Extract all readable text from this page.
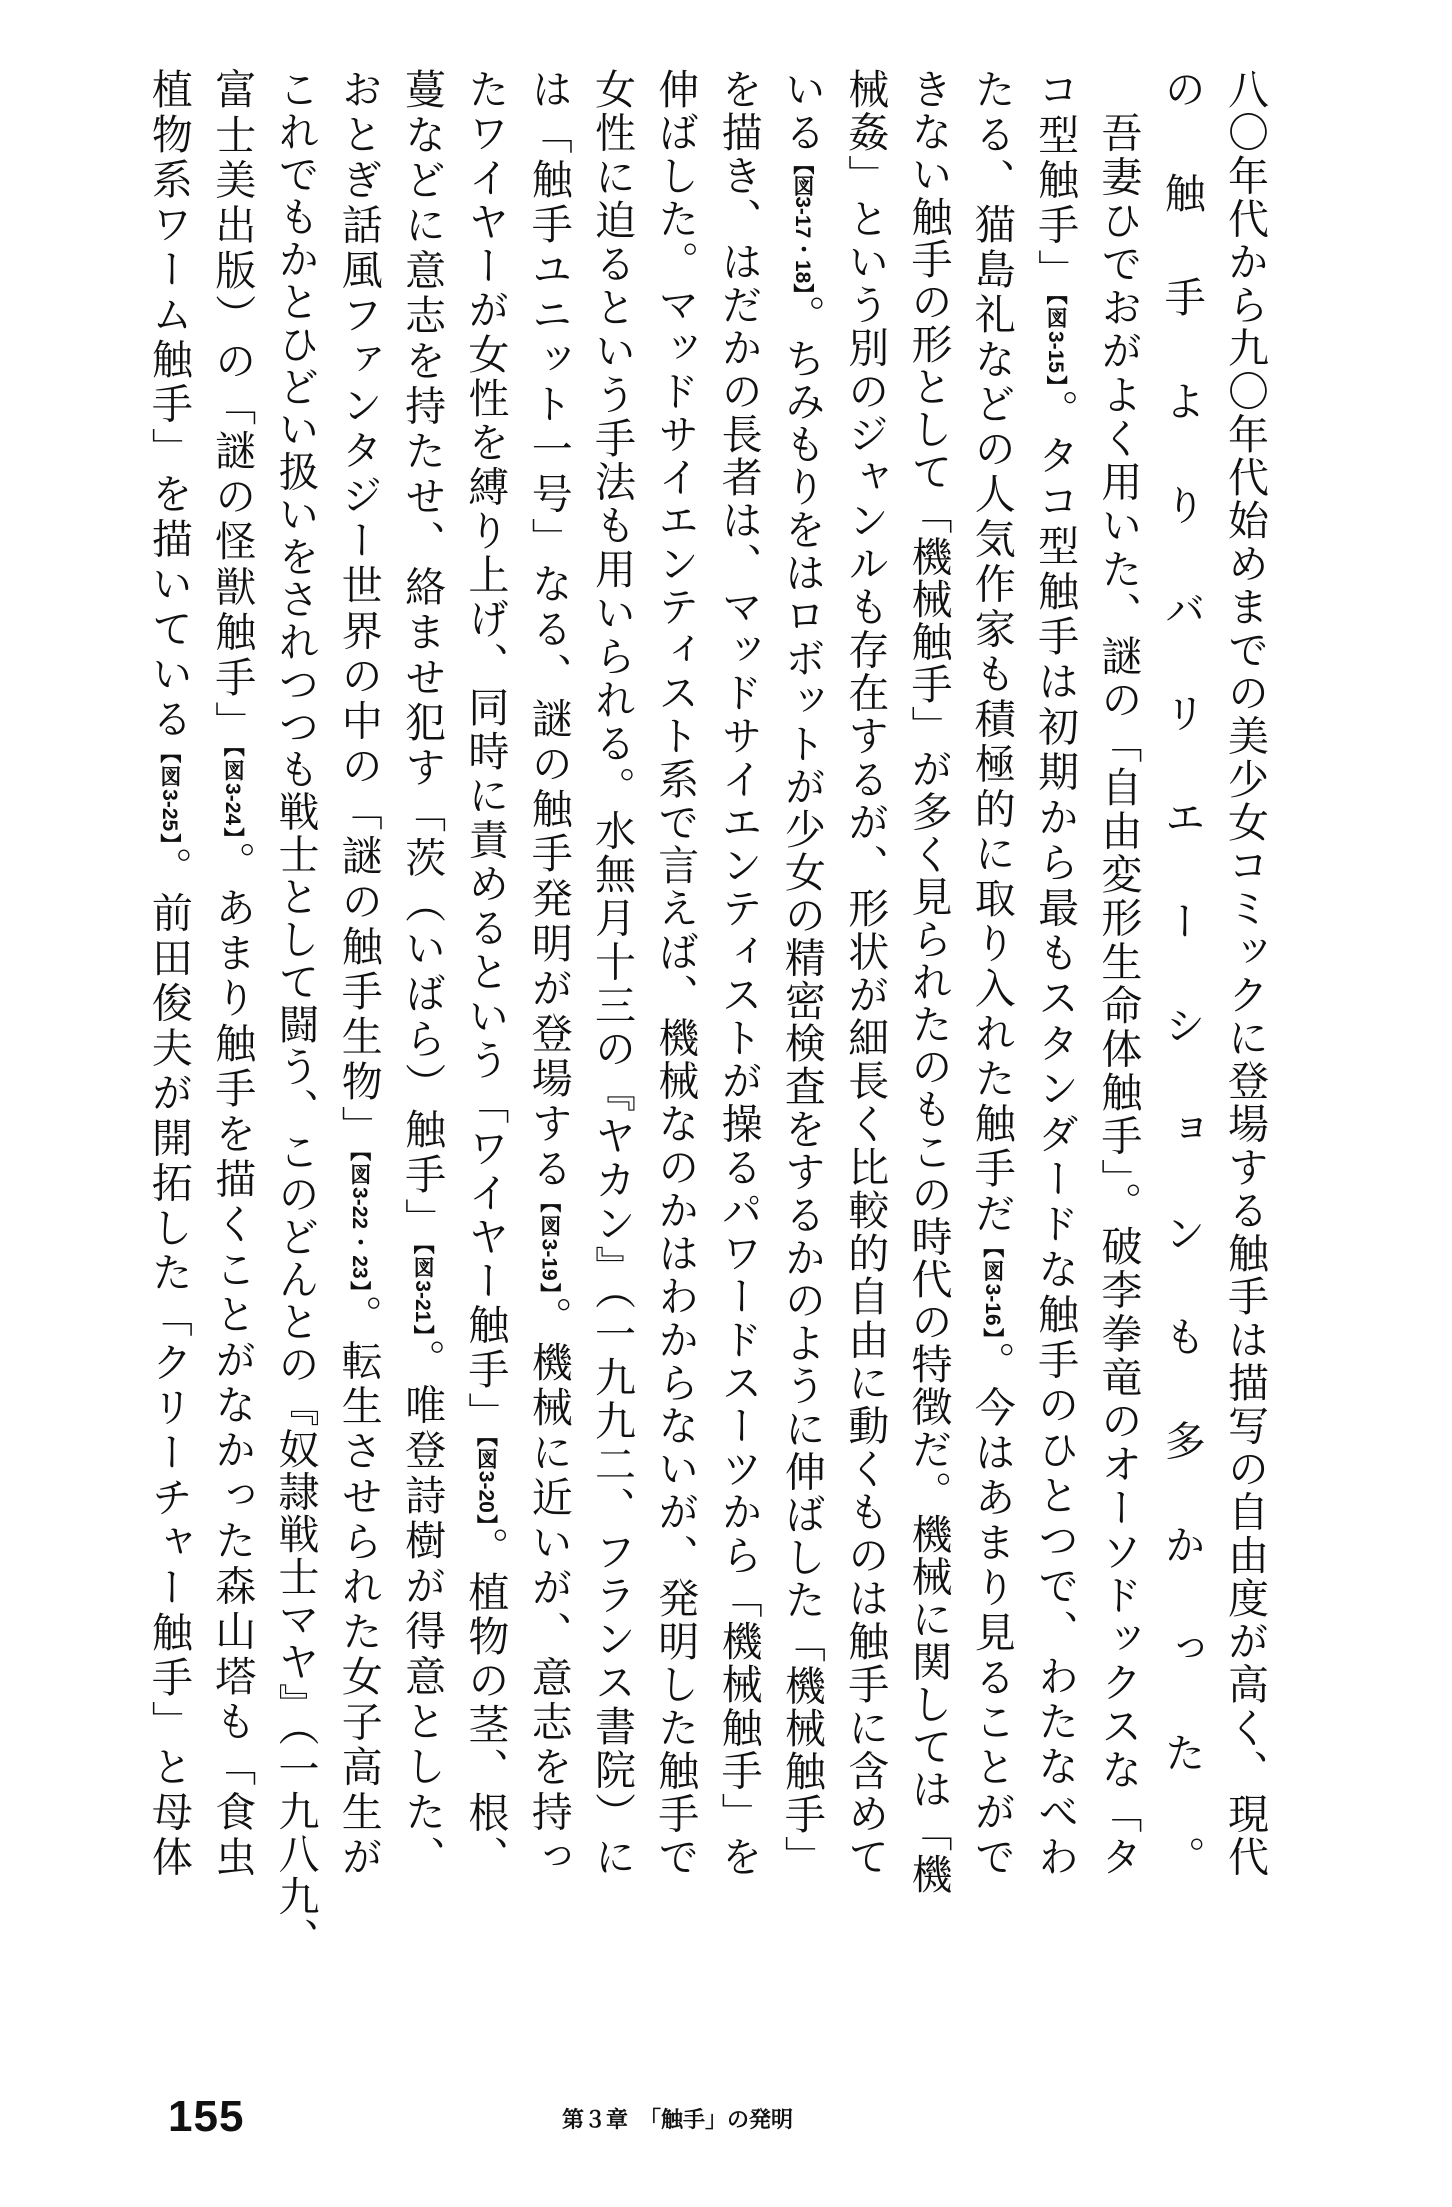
八〇年代から九〇年代始めまでの美少女コミックに登場する触手は描写の自由度が高く、現代
の触手よりバリエーションも多かった。
　吾妻ひでおがよく用いた、謎の「自由変形生命体触手」。破李拳竜のオーソドックスな「タ
コ型触手」【図3-15】。タコ型触手は初期から最もスタンダードな触手のひとつで、わたなべわ
たる、猫島礼などの人気作家も積極的に取り入れた触手だ【図3-16】。今はあまり見ることがで
きない触手の形として「機械触手」が多く見られたのもこの時代の特徴だ。機械に関しては「機
械姦」という別のジャンルも存在するが、形状が細長く比較的自由に動くものは触手に含めて
いる【図3-17・18】。ちみもりをはロボットが少女の精密検査をするかのように伸ばした「機械触手」
を描き、はだかの長者は、マッドサイエンティストが操るパワードスーツから「機械触手」を
伸ばした。マッドサイエンティスト系で言えば、機械なのかはわからないが、発明した触手で
女性に迫るという手法も用いられる。水無月十三の『ヤカン』（一九九二、フランス書院）に
は「触手ユニット一号」なる、謎の触手発明が登場する【図3-19】。機械に近いが、意志を持っ
たワイヤーが女性を縛り上げ、同時に責めるという「ワイヤー触手」【図3-20】。植物の茎、根、
蔓などに意志を持たせ、絡ませ犯す「茨（いばら）触手」【図3-21】。唯登詩樹が得意とした、
おとぎ話風ファンタジー世界の中の「謎の触手生物」【図3-22・23】。転生させられた女子高生が
これでもかとひどい扱いをされつつも戦士として闘う、このどんとの『奴隷戦士マヤ』（一九八九、
富士美出版）の「謎の怪獣触手」【図3-24】。あまり触手を描くことがなかった森山塔も「食虫
植物系ワーム触手」を描いている【図3-25】。前田俊夫が開拓した「クリーチャー触手」と母体
155	第３章　「触手」の発明
